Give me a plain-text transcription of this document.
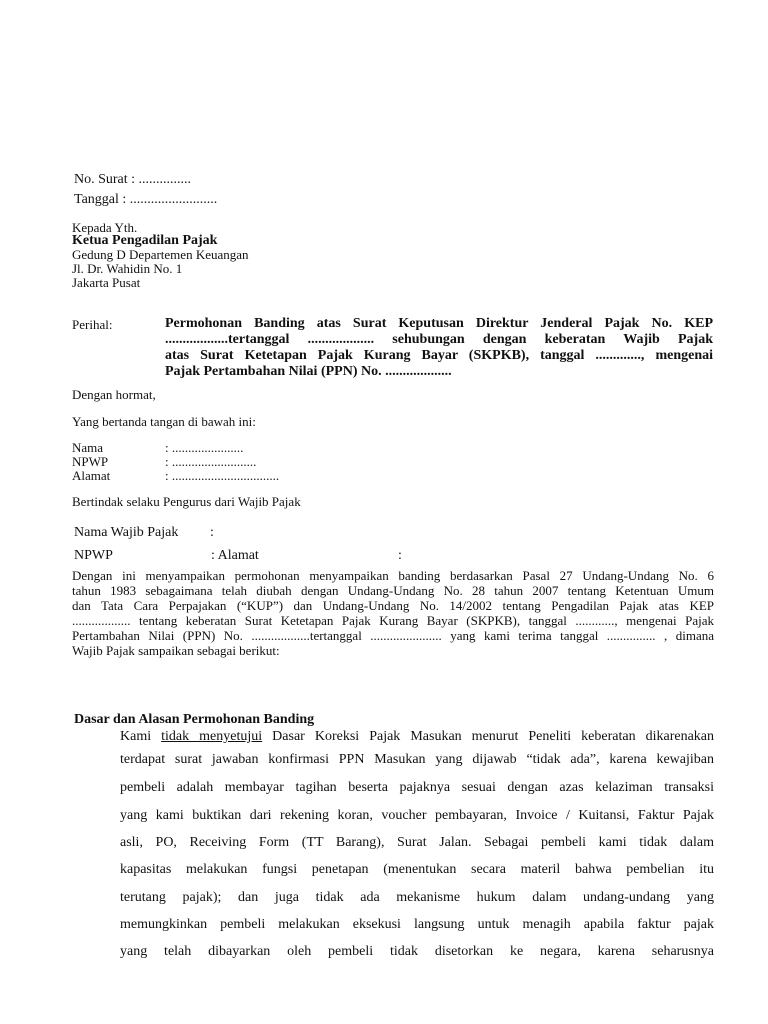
No. Surat : ...............
Tanggal : .........................
Kepada Yth.
Ketua Pengadilan Pajak
Gedung D Departemen Keuangan
Jl. Dr. Wahidin No. 1
Jakarta Pusat
Perihal:	Permohonan Banding atas Surat Keputusan Direktur Jenderal Pajak No. KEP
..................tertanggal ................... sehubungan dengan keberatan Wajib Pajak
atas Surat Ketetapan Pajak Kurang Bayar (SKPKB), tanggal ............., mengenai
Pajak Pertambahan Nilai (PPN) No. ...................
Dengan hormat,
Yang bertanda tangan di bawah ini:
Nama	: ......................
NPWP	: ..........................
Alamat	: .................................
Bertindak selaku Pengurus dari Wajib Pajak
Nama Wajib Pajak :
NPWP	: Alamat	:
Dengan ini menyampaikan permohonan menyampaikan banding berdasarkan Pasal 27 Undang-Undang No. 6
tahun 1983 sebagaimana telah diubah dengan Undang-Undang No. 28 tahun 2007 tentang Ketentuan Umum
dan Tata Cara Perpajakan (“KUP”) dan Undang-Undang No. 14/2002 tentang Pengadilan Pajak atas KEP
.................. tentang keberatan Surat Ketetapan Pajak Kurang Bayar (SKPKB), tanggal ............, mengenai Pajak
Pertambahan Nilai (PPN) No. ..................tertanggal ...................... yang kami terima tanggal ............... , dimana
Wajib Pajak sampaikan sebagai berikut:
Dasar dan Alasan Permohonan Banding
Kami tidak menyetujui Dasar Koreksi Pajak Masukan menurut Peneliti keberatan dikarenakan
terdapat surat jawaban konfirmasi PPN Masukan yang dijawab “tidak ada”, karena kewajiban
pembeli adalah membayar tagihan beserta pajaknya sesuai dengan azas kelaziman transaksi
yang kami buktikan dari rekening koran, voucher pembayaran, Invoice / Kuitansi, Faktur Pajak
asli, PO, Receiving Form (TT Barang), Surat Jalan. Sebagai pembeli kami tidak dalam
kapasitas melakukan fungsi penetapan (menentukan secara materil bahwa pembelian itu
terutang pajak); dan juga tidak ada mekanisme hukum dalam undang-undang yang
memungkinkan pembeli melakukan eksekusi langsung untuk menagih apabila faktur pajak
yang telah dibayarkan oleh pembeli tidak disetorkan ke negara, karena seharusnya
